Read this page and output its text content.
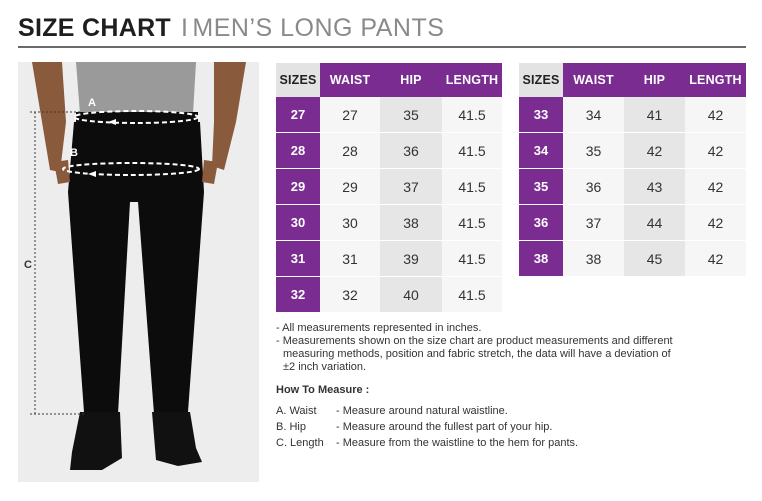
SIZE CHART I MEN’S LONG PANTS
A
B
C
SIZES	WAIST	HIP	LENGTH
27	27	35	41.5
28	28	36	41.5
29	29	37	41.5
30	30	38	41.5
31	31	39	41.5
32	32	40	41.5
SIZES	WAIST	HIP	LENGTH
33	34	41	42
34	35	42	42
35	36	43	42
36	37	44	42
38	38	45	42
- All measurements represented in inches.
- Measurements shown on the size chart are product measurements and different
measuring methods, position and fabric stretch, the data will have a deviation of
±2 inch variation.
How To Measure :
A. Waist - Measure around natural waistline.
B. Hip	- Measure around the fullest part of your hip.
C. Length - Measure from the waistline to the hem for pants.
